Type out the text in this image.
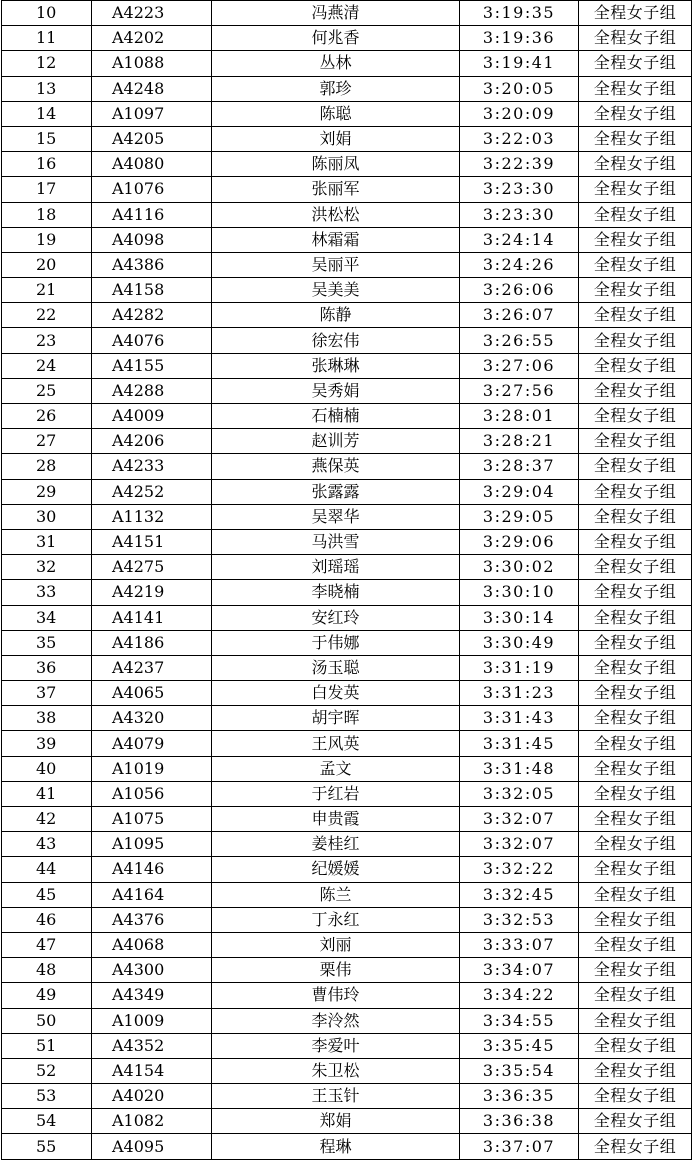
10	A4223	冯燕清	3:19:35	全程女子组
11	A4202	何兆香	3:19:36	全程女子组
12	A1088	丛林	3:19:41	全程女子组
13	A4248	郭珍	3:20:05	全程女子组
14	A1097	陈聪	3:20:09	全程女子组
15	A4205	刘娟	3:22:03	全程女子组
16	A4080	陈丽凤	3:22:39	全程女子组
17	A1076	张丽军	3:23:30	全程女子组
18	A4116	洪松松	3:23:30	全程女子组
19	A4098	林霜霜	3:24:14	全程女子组
20	A4386	吴丽平	3:24:26	全程女子组
21	A4158	吴美美	3:26:06	全程女子组
22	A4282	陈静	3:26:07	全程女子组
23	A4076	徐宏伟	3:26:55	全程女子组
24	A4155	张琳琳	3:27:06	全程女子组
25	A4288	吴秀娟	3:27:56	全程女子组
26	A4009	石楠楠	3:28:01	全程女子组
27	A4206	赵训芳	3:28:21	全程女子组
28	A4233	燕保英	3:28:37	全程女子组
29	A4252	张露露	3:29:04	全程女子组
30	A1132	吴翠华	3:29:05	全程女子组
31	A4151	马洪雪	3:29:06	全程女子组
32	A4275	刘瑶瑶	3:30:02	全程女子组
33	A4219	李晓楠	3:30:10	全程女子组
34	A4141	安红玲	3:30:14	全程女子组
35	A4186	于伟娜	3:30:49	全程女子组
36	A4237	汤玉聪	3:31:19	全程女子组
37	A4065	白发英	3:31:23	全程女子组
38	A4320	胡宇晖	3:31:43	全程女子组
39	A4079	王风英	3:31:45	全程女子组
40	A1019	孟文	3:31:48	全程女子组
41	A1056	于红岩	3:32:05	全程女子组
42	A1075	申贵霞	3:32:07	全程女子组
43	A1095	姜桂红	3:32:07	全程女子组
44	A4146	纪媛媛	3:32:22	全程女子组
45	A4164	陈兰	3:32:45	全程女子组
46	A4376	丁永红	3:32:53	全程女子组
47	A4068	刘丽	3:33:07	全程女子组
48	A4300	栗伟	3:34:07	全程女子组
49	A4349	曹伟玲	3:34:22	全程女子组
50	A1009	李泠然	3:34:55	全程女子组
51	A4352	李爱叶	3:35:45	全程女子组
52	A4154	朱卫松	3:35:54	全程女子组
53	A4020	王玉针	3:36:35	全程女子组
54	A1082	郑娟	3:36:38	全程女子组
55	A4095	程琳	3:37:07	全程女子组
